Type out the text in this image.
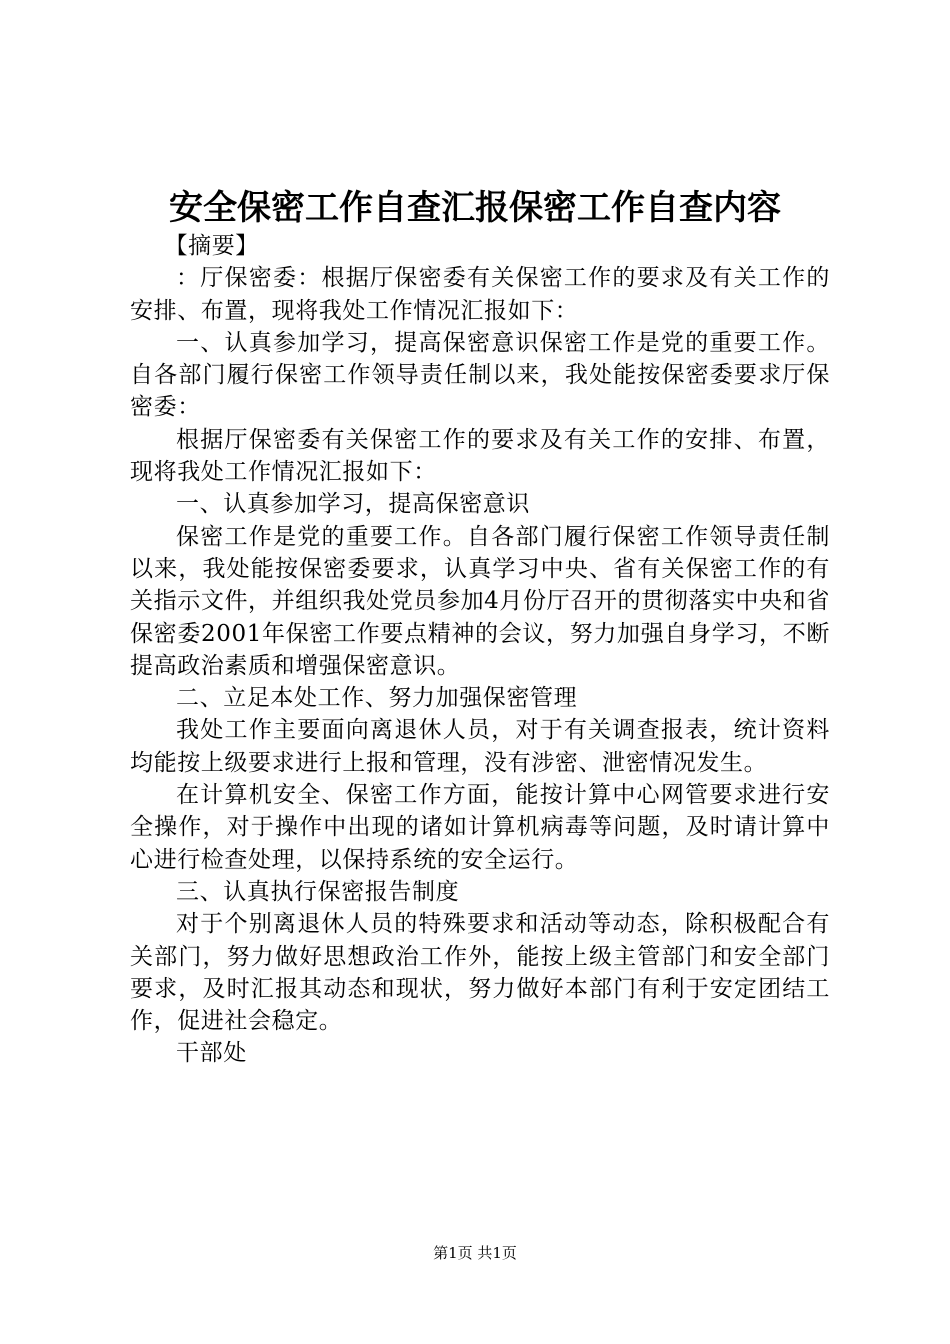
安全保密工作自查汇报保密工作自查内容

【摘要】

：厅保密委：根据厅保密委有关保密工作的要求及有关工作的安排、布置，现将我处工作情况汇报如下：

一、认真参加学习，提高保密意识保密工作是党的重要工作。自各部门履行保密工作领导责任制以来，我处能按保密委要求厅保密委：

根据厅保密委有关保密工作的要求及有关工作的安排、布置，现将我处工作情况汇报如下：

一、认真参加学习，提高保密意识

保密工作是党的重要工作。自各部门履行保密工作领导责任制以来，我处能按保密委要求，认真学习中央、省有关保密工作的有关指示文件，并组织我处党员参加4月份厅召开的贯彻落实中央和省保密委2001年保密工作要点精神的会议，努力加强自身学习，不断提高政治素质和增强保密意识。

二、立足本处工作、努力加强保密管理

我处工作主要面向离退休人员，对于有关调查报表，统计资料均能按上级要求进行上报和管理，没有涉密、泄密情况发生。

在计算机安全、保密工作方面，能按计算中心网管要求进行安全操作，对于操作中出现的诸如计算机病毒等问题，及时请计算中心进行检查处理，以保持系统的安全运行。

三、认真执行保密报告制度

对于个别离退休人员的特殊要求和活动等动态，除积极配合有关部门，努力做好思想政治工作外，能按上级主管部门和安全部门要求，及时汇报其动态和现状，努力做好本部门有利于安定团结工作，促进社会稳定。

干部处

第1页 共1页
